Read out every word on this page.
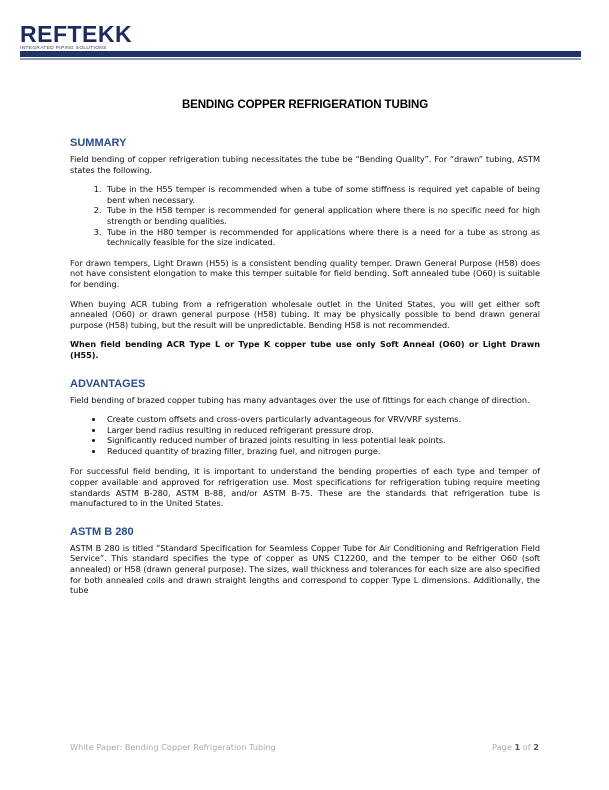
REFTEKK
INTEGRATED PIPING SOLUTIONS
BENDING COPPER REFRIGERATION TUBING
SUMMARY

Field bending of copper refrigeration tubing necessitates the tube be “Bending Quality”. For “drawn” tubing, ASTM states the following.

1. Tube in the H55 temper is recommended when a tube of some stiffness is required yet capable of being bent when necessary.
2. Tube in the H58 temper is recommended for general application where there is no specific need for high strength or bending qualities.
3. Tube in the H80 temper is recommended for applications where there is a need for a tube as strong as technically feasible for the size indicated.

For drawn tempers, Light Drawn (H55) is a consistent bending quality temper. Drawn General Purpose (H58) does not have consistent elongation to make this temper suitable for field bending. Soft annealed tube (O60) is suitable for bending.

When buying ACR tubing from a refrigeration wholesale outlet in the United States, you will get either soft annealed (O60) or drawn general purpose (H58) tubing. It may be physically possible to bend drawn general purpose (H58) tubing, but the result will be unpredictable. Bending H58 is not recommended.

When field bending ACR Type L or Type K copper tube use only Soft Anneal (O60) or Light Drawn (H55).

ADVANTAGES

Field bending of brazed copper tubing has many advantages over the use of fittings for each change of direction.

• Create custom offsets and cross-overs particularly advantageous for VRV/VRF systems.
• Larger bend radius resulting in reduced refrigerant pressure drop.
• Significantly reduced number of brazed joints resulting in less potential leak points.
• Reduced quantity of brazing filler, brazing fuel, and nitrogen purge.

For successful field bending, it is important to understand the bending properties of each type and temper of copper available and approved for refrigeration use. Most specifications for refrigeration tubing require meeting standards ASTM B-280, ASTM B-88, and/or ASTM B-75. These are the standards that refrigeration tube is manufactured to in the United States.

ASTM B 280

ASTM B 280 is titled “Standard Specification for Seamless Copper Tube for Air Conditioning and Refrigeration Field Service”. This standard specifies the type of copper as UNS C12200, and the temper to be either O60 (soft annealed) or H58 (drawn general purpose). The sizes, wall thickness and tolerances for each size are also specified for both annealed coils and drawn straight lengths and correspond to copper Type L dimensions. Additionally, the tube

White Paper: Bending Copper Refrigeration Tubing	Page 1 of 2
